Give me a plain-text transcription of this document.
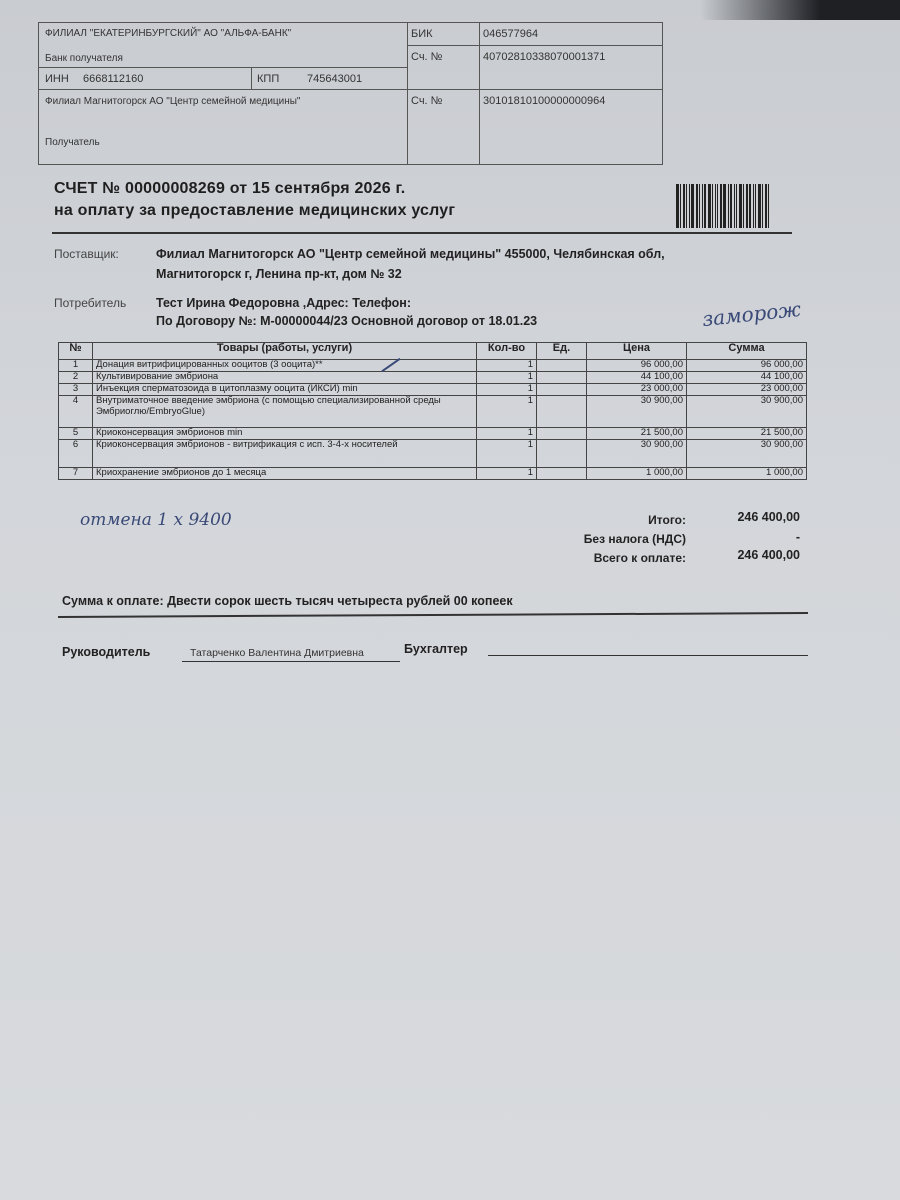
ФИЛИАЛ "ЕКАТЕРИНБУРГСКИЙ" АО "АЛЬФА-БАНК"
Банк получателя
ИНН 6668112160	КПП	745643001
Филиал Магнитогорск АО "Центр семейной медицины"
Получатель
БИК	046577964
Сч. №	40702810338070001371
Сч. №	30101810100000000964
СЧЕТ № 00000008269 от 15 сентября 2026 г.
на оплату за предоставление медицинских услуг
Поставщик:	Филиал Магнитогорск АО "Центр семейной медицины" 455000, Челябинская обл,
Магнитогорск г, Ленина пр-кт, дом № 32
Потребитель Тест Ирина Федоровна ,Адрес: Телефон:
По Договору №: М-00000044/23 Основной договор от 18.01.23	заморож
№	Товары (работы, услуги)	Кол-во	Ед.	Цена	Сумма
1	Донация витрифицированных ооцитов (3 ооцита)**	1		96 000,00	96 000,00
2	Культивирование эмбриона	1		44 100,00	44 100,00
3	Инъекция сперматозоида в цитоплазму ооцита (ИКСИ) min	1		23 000,00	23 000,00
4	Внутриматочное введение эмбриона (с помощью специализированной среды Эмбриоглю/EmbryoGlue)	1		30 900,00	30 900,00
5	Криоконсервация эмбрионов min	1		21 500,00	21 500,00
6	Криоконсервация эмбрионов - витрификация с исп. 3-4-х носителей	1		30 900,00	30 900,00
7	Криохранение эмбрионов до 1 месяца	1		1 000,00	1 000,00
отмена 1 х 9400	Итого:	246 400,00
Без налога (НДС)	-
Всего к оплате:	246 400,00
Сумма к оплате: Двести сорок шесть тысяч четыреста рублей 00 копеек
Руководитель	Татарченко Валентина Дмитриевна	Бухгалтер
